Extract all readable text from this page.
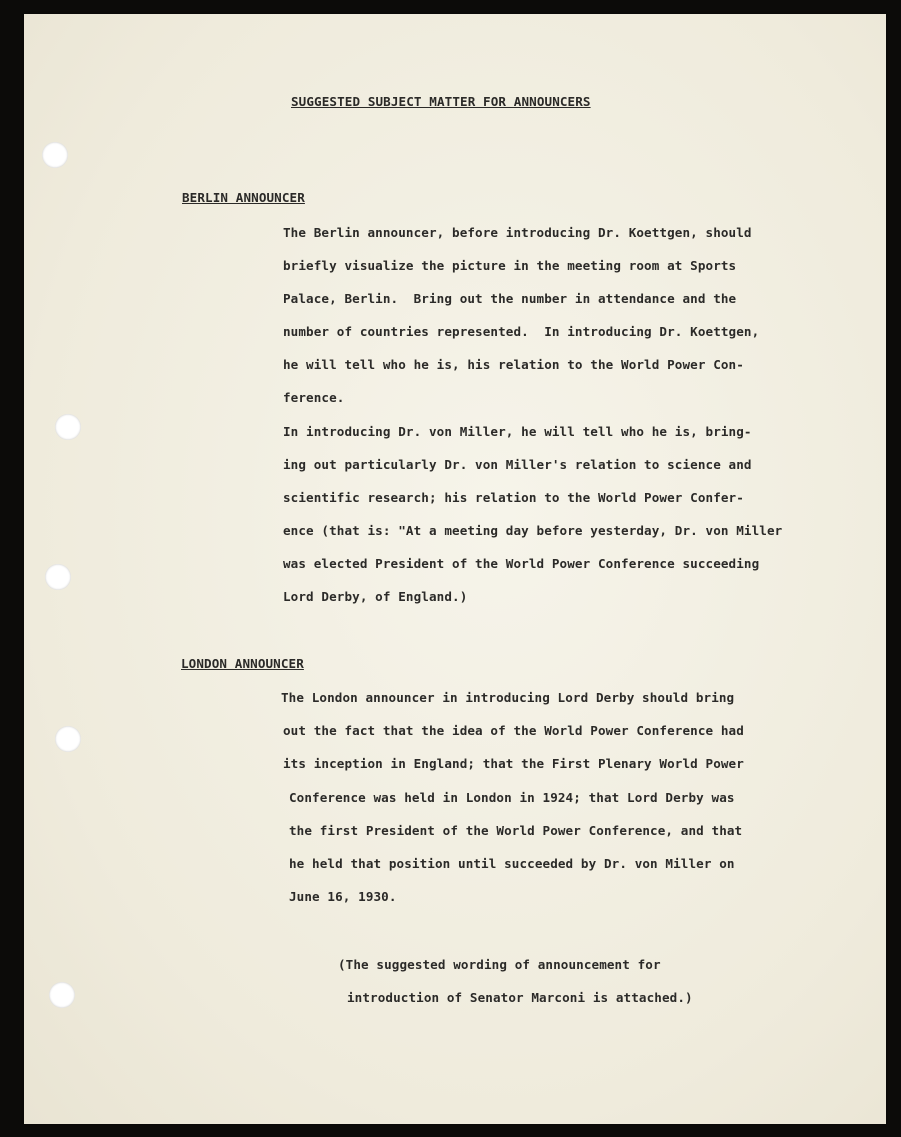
SUGGESTED SUBJECT MATTER FOR ANNOUNCERS

BERLIN ANNOUNCER

The Berlin announcer, before introducing Dr. Koettgen, should

briefly visualize the picture in the meeting room at Sports

Palace, Berlin.  Bring out the number in attendance and the

number of countries represented.  In introducing Dr. Koettgen,

he will tell who he is, his relation to the World Power Con-

ference.

In introducing Dr. von Miller, he will tell who he is, bring-

ing out particularly Dr. von Miller's relation to science and

scientific research; his relation to the World Power Confer-

ence (that is: "At a meeting day before yesterday, Dr. von Miller

was elected President of the World Power Conference succeeding

Lord Derby, of England.)

LONDON ANNOUNCER

The London announcer in introducing Lord Derby should bring

out the fact that the idea of the World Power Conference had

its inception in England; that the First Plenary World Power

Conference was held in London in 1924; that Lord Derby was

the first President of the World Power Conference, and that

he held that position until succeeded by Dr. von Miller on

June 16, 1930.

(The suggested wording of announcement for

introduction of Senator Marconi is attached.)
